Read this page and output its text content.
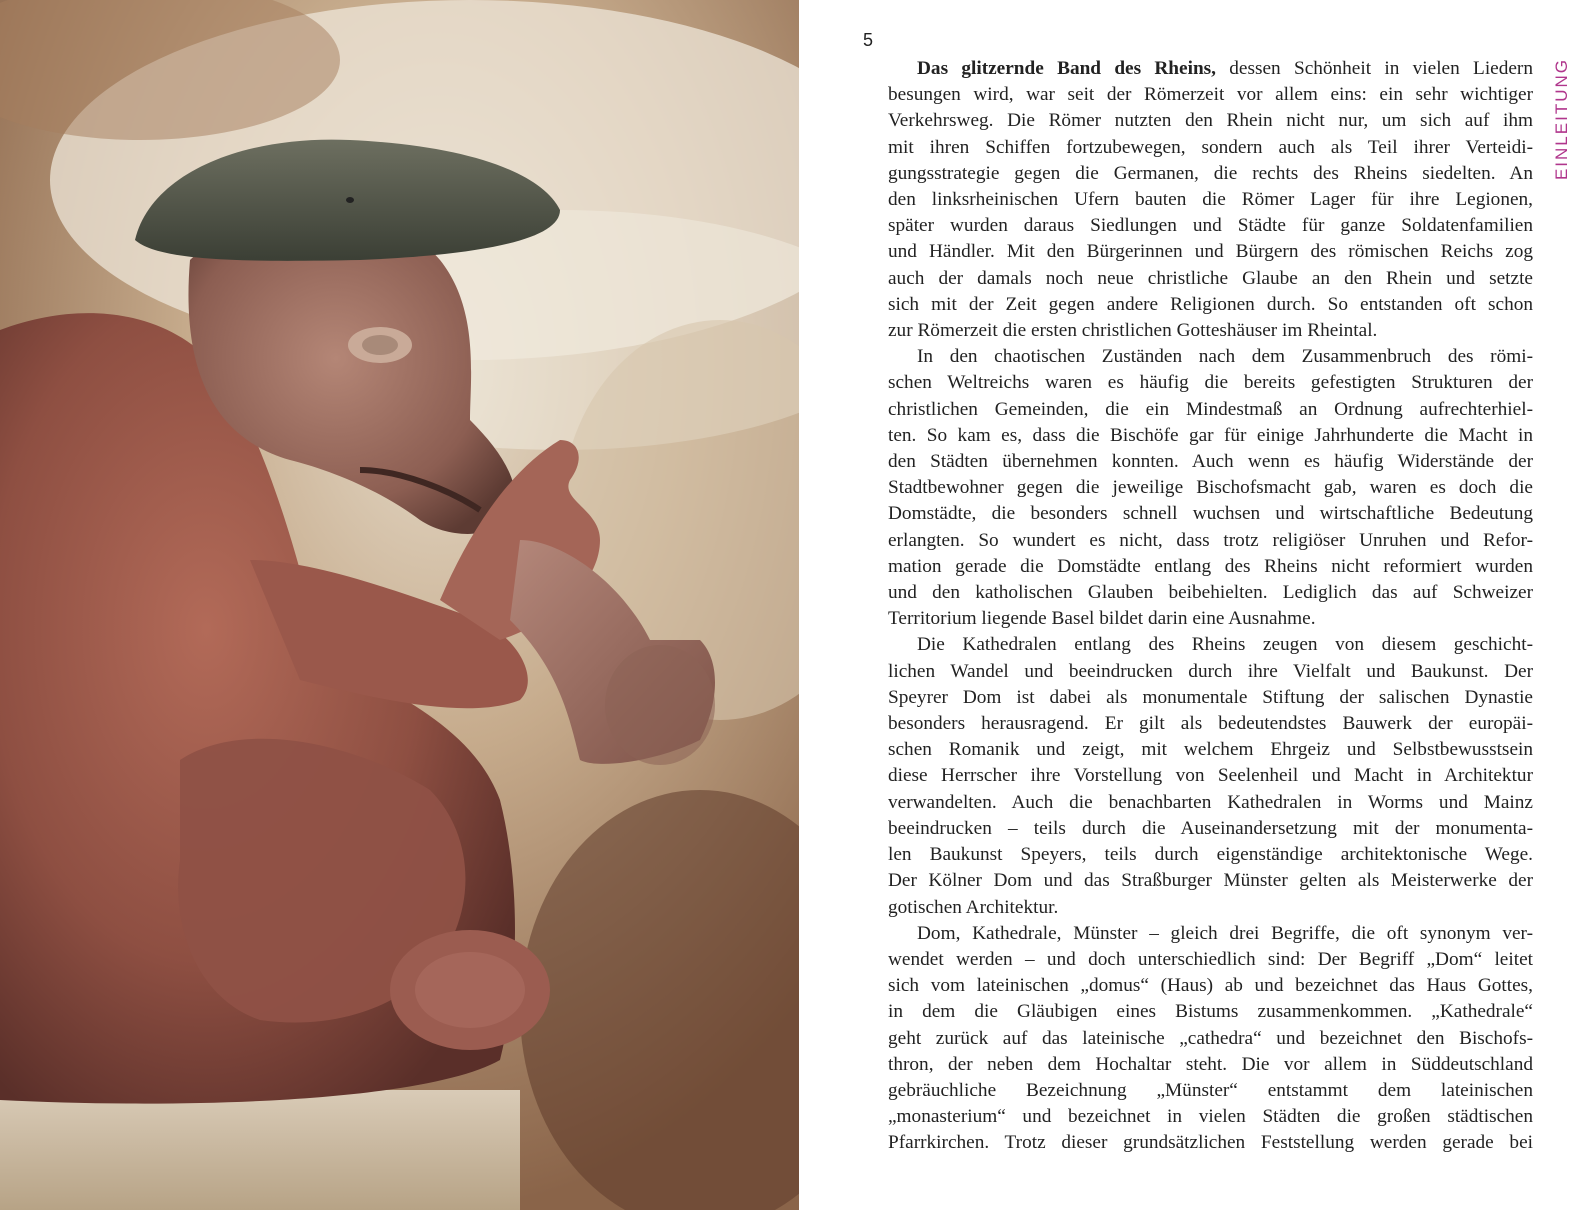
5

Das glitzernde Band des Rheins, dessen Schönheit in vielen Liedern
besungen wird, war seit der Römerzeit vor allem eins: ein sehr wichtiger
Verkehrsweg. Die Römer nutzten den Rhein nicht nur, um sich auf ihm
mit ihren Schiffen fortzubewegen, sondern auch als Teil ihrer Verteidi-
gungsstrategie gegen die Germanen, die rechts des Rheins siedelten. An
den linksrheinischen Ufern bauten die Römer Lager für ihre Legionen,
später wurden daraus Siedlungen und Städte für ganze Soldatenfamilien
und Händler. Mit den Bürgerinnen und Bürgern des römischen Reichs zog
auch der damals noch neue christliche Glaube an den Rhein und setzte
sich mit der Zeit gegen andere Religionen durch. So entstanden oft schon
zur Römerzeit die ersten christlichen Gotteshäuser im Rheintal.

In den chaotischen Zuständen nach dem Zusammenbruch des römi-
schen Weltreichs waren es häufig die bereits gefestigten Strukturen der
christlichen Gemeinden, die ein Mindestmaß an Ordnung aufrechterhiel-
ten. So kam es, dass die Bischöfe gar für einige Jahrhunderte die Macht in
den Städten übernehmen konnten. Auch wenn es häufig Widerstände der
Stadtbewohner gegen die jeweilige Bischofsmacht gab, waren es doch die
Domstädte, die besonders schnell wuchsen und wirtschaftliche Bedeutung
erlangten. So wundert es nicht, dass trotz religiöser Unruhen und Refor-
mation gerade die Domstädte entlang des Rheins nicht reformiert wurden
und den katholischen Glauben beibehielten. Lediglich das auf Schweizer
Territorium liegende Basel bildet darin eine Ausnahme.

Die Kathedralen entlang des Rheins zeugen von diesem geschicht-
lichen Wandel und beeindrucken durch ihre Vielfalt und Baukunst. Der
Speyrer Dom ist dabei als monumentale Stiftung der salischen Dynastie
besonders herausragend. Er gilt als bedeutendstes Bauwerk der europäi-
schen Romanik und zeigt, mit welchem Ehrgeiz und Selbstbewusstsein
diese Herrscher ihre Vorstellung von Seelenheil und Macht in Architektur
verwandelten. Auch die benachbarten Kathedralen in Worms und Mainz
beeindrucken – teils durch die Auseinandersetzung mit der monumenta-
len Baukunst Speyers, teils durch eigenständige architektonische Wege.
Der Kölner Dom und das Straßburger Münster gelten als Meisterwerke der
gotischen Architektur.

Dom, Kathedrale, Münster – gleich drei Begriffe, die oft synonym ver-
wendet werden – und doch unterschiedlich sind: Der Begriff „Dom“ leitet
sich vom lateinischen „domus“ (Haus) ab und bezeichnet das Haus Gottes,
in dem die Gläubigen eines Bistums zusammenkommen. „Kathedrale“
geht zurück auf das lateinische „cathedra“ und bezeichnet den Bischofs-
thron, der neben dem Hochaltar steht. Die vor allem in Süddeutschland
gebräuchliche Bezeichnung „Münster“ entstammt dem lateinischen
„monasterium“ und bezeichnet in vielen Städten die großen städtischen
Pfarrkirchen. Trotz dieser grundsätzlichen Feststellung werden gerade bei

EINLEITUNG
